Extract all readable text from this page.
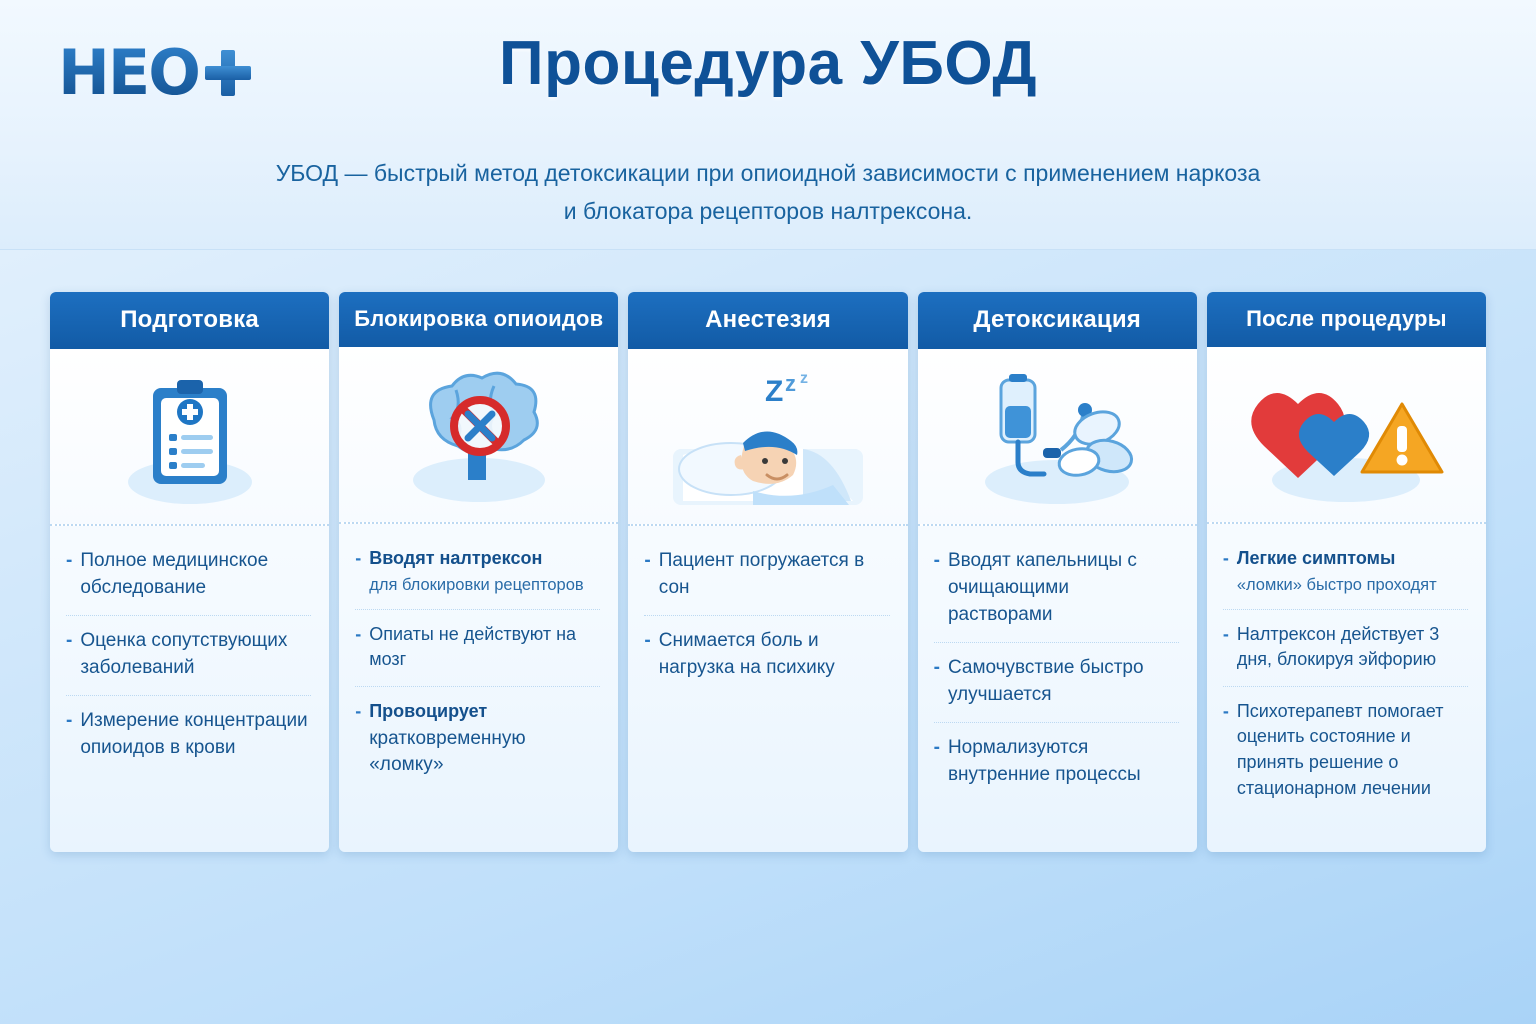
HEO	Процедура УБОД
УБОД — быстрый метод детоксикации при опиоидной зависимости с применением наркоза
и блокатора рецепторов налтрексона.
Подготовка
- Полное медицинское обследование
- Оценка сопутствующих заболеваний
- Измерение концентрации опиоидов в крови
Блокировка опиоидов
- Вводят налтрексон
для блокировки рецепторов
- Опиаты не действуют на мозг
- Провоцирует
кратковременную «ломку»
Анестезия
Z z z
- Пациент погружается в сон
- Снимается боль и нагрузка на психику
Детоксикация
- Вводят капельницы с очищающими растворами
- Самочувствие быстро улучшается
- Нормализуются внутренние процессы
После процедуры
- Легкие симптомы
«ломки» быстро проходят
- Налтрексон действует 3 дня, блокируя эйфорию
- Психотерапевт помогает оценить состояние и принять решение о стационарном лечении
